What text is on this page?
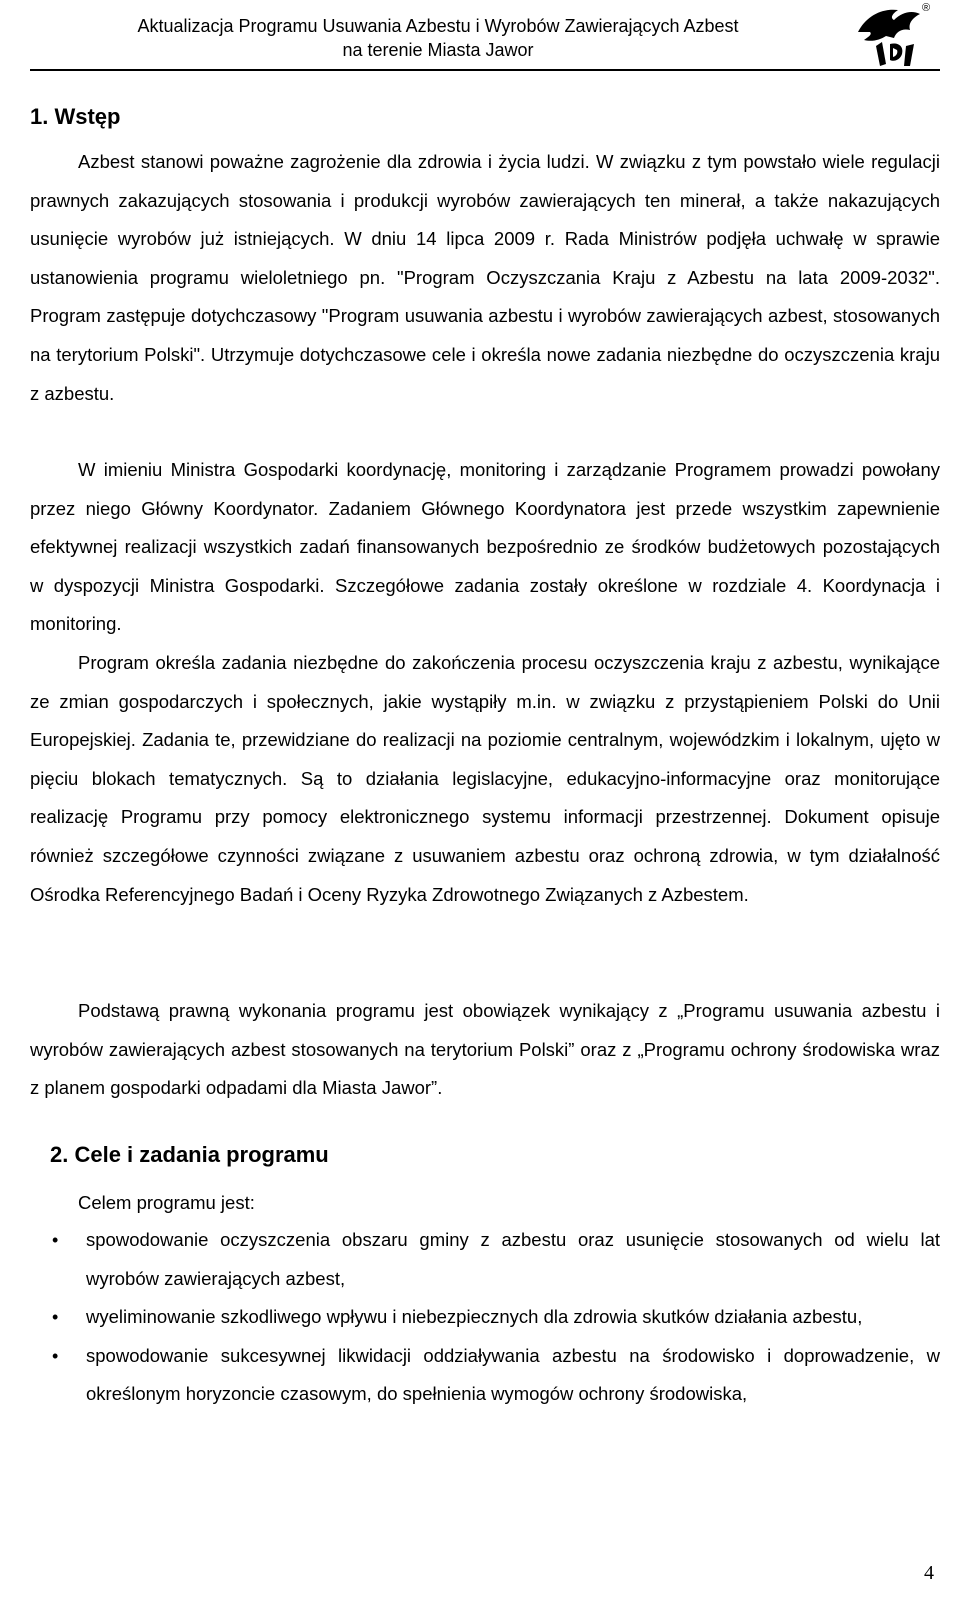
Aktualizacja Programu Usuwania Azbestu i Wyrobów Zawierających Azbest
na terenie Miasta Jawor
®
1. Wstęp

Azbest stanowi poważne zagrożenie dla zdrowia i życia ludzi. W związku z tym powstało wiele regulacji prawnych zakazujących stosowania i produkcji wyrobów zawierających ten minerał, a także nakazujących usunięcie wyrobów już istniejących. W dniu 14 lipca 2009 r. Rada Ministrów podjęła uchwałę w sprawie ustanowienia programu wieloletniego pn. "Program Oczyszczania Kraju z Azbestu na lata 2009-2032". Program zastępuje dotychczasowy "Program usuwania azbestu i wyrobów zawierających azbest, stosowanych na terytorium Polski". Utrzymuje dotychczasowe cele i określa nowe zadania niezbędne do oczyszczenia kraju z azbestu.

W imieniu Ministra Gospodarki koordynację, monitoring i zarządzanie Programem prowadzi powołany przez niego Główny Koordynator. Zadaniem Głównego Koordynatora jest przede wszystkim zapewnienie efektywnej realizacji wszystkich zadań finansowanych bezpośrednio ze środków budżetowych pozostających w dyspozycji Ministra Gospodarki. Szczegółowe zadania zostały określone w rozdziale 4. Koordynacja i monitoring.

Program określa zadania niezbędne do zakończenia procesu oczyszczenia kraju z azbestu, wynikające ze zmian gospodarczych i społecznych, jakie wystąpiły m.in. w związku z przystąpieniem Polski do Unii Europejskiej. Zadania te, przewidziane do realizacji na poziomie centralnym, wojewódzkim i lokalnym, ujęto w pięciu blokach tematycznych. Są to działania legislacyjne, edukacyjno-informacyjne oraz monitorujące realizację Programu przy pomocy elektronicznego systemu informacji przestrzennej. Dokument opisuje również szczegółowe czynności związane z usuwaniem azbestu oraz ochroną zdrowia, w tym działalność Ośrodka Referencyjnego Badań i Oceny Ryzyka Zdrowotnego Związanych z Azbestem.

Podstawą prawną wykonania programu jest obowiązek wynikający z „Programu usuwania azbestu i wyrobów zawierających azbest stosowanych na terytorium Polski” oraz z „Programu ochrony środowiska wraz z planem gospodarki odpadami dla Miasta Jawor”.

2. Cele i zadania programu
Celem programu jest:
• spowodowanie oczyszczenia obszaru gminy z azbestu oraz usunięcie stosowanych od wielu lat wyrobów zawierających azbest,
• wyeliminowanie szkodliwego wpływu i niebezpiecznych dla zdrowia skutków działania azbestu,
• spowodowanie sukcesywnej likwidacji oddziaływania azbestu na środowisko i doprowadzenie, w określonym horyzoncie czasowym, do spełnienia wymogów ochrony środowiska,
4
